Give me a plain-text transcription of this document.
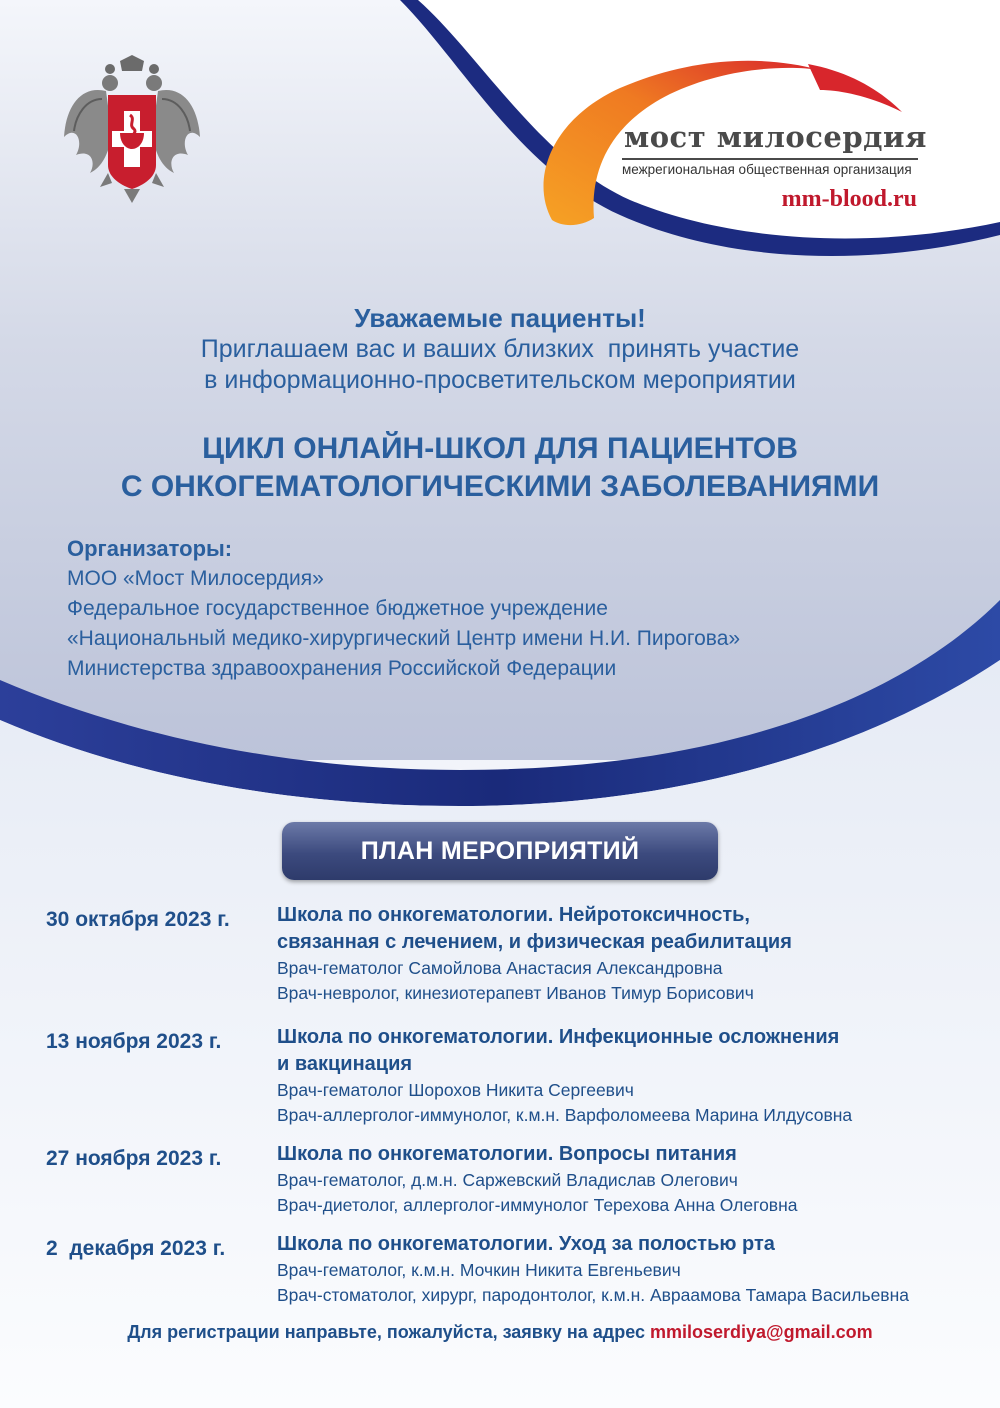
мост милосердия
межрегиональная общественная организация
mm-blood.ru
Уважаемые пациенты!
Приглашаем вас и ваших близких  принять участие
в информационно-просветительском мероприятии
ЦИКЛ ОНЛАЙН-ШКОЛ ДЛЯ ПАЦИЕНТОВ
С ОНКОГЕМАТОЛОГИЧЕСКИМИ ЗАБОЛЕВАНИЯМИ
Организаторы:
МОО «Мост Милосердия»
Федеральное государственное бюджетное учреждение
«Национальный медико-хирургический Центр имени Н.И. Пирогова»
Министерства здравоохранения Российской Федерации
ПЛАН МЕРОПРИЯТИЙ
30 октября 2023 г. Школа по онкогематологии. Нейротоксичность,
связанная с лечением, и физическая реабилитация
Врач-гематолог Самойлова Анастасия Александровна
Врач-невролог, кинезиотерапевт Иванов Тимур Борисович
13 ноября 2023 г.	Школа по онкогематологии. Инфекционные осложнения
и вакцинация
Врач-гематолог Шорохов Никита Сергеевич
Врач-аллерголог-иммунолог, к.м.н. Варфоломеева Марина Илдусовна
27 ноября 2023 г.	Школа по онкогематологии. Вопросы питания
Врач-гематолог, д.м.н. Саржевский Владислав Олегович
Врач-диетолог, аллерголог-иммунолог Терехова Анна Олеговна
2  декабря 2023 г.	Школа по онкогематологии. Уход за полостью рта
Врач-гематолог, к.м.н. Мочкин Никита Евгеньевич
Врач-стоматолог, хирург, пародонтолог, к.м.н. Авраамова Тамара Васильевна
Для регистрации направьте, пожалуйста, заявку на адрес mmiloserdiya@gmail.com
